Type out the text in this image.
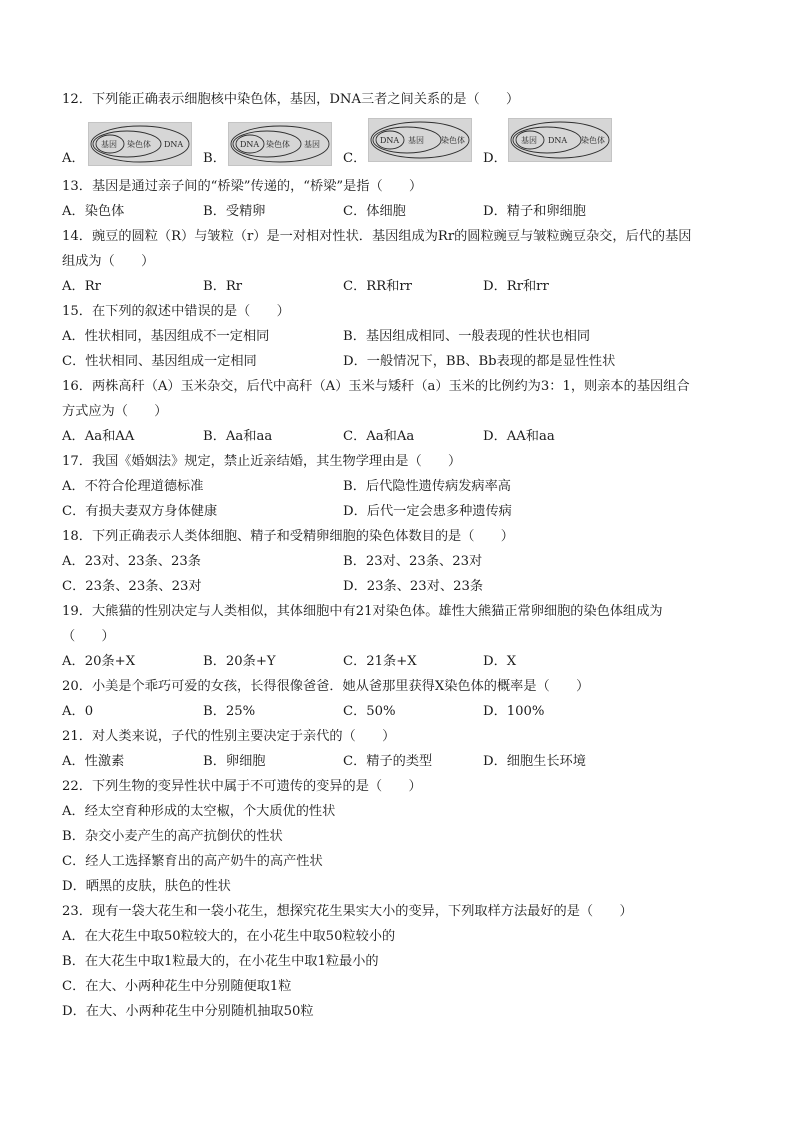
12．下列能正确表示细胞核中染色体，基因，DNA三者之间关系的是（　　）
A．	B．	C．	D．
基因 染色体 DNA	DNA 染色体 基因	DNA 基因 染色体	基因 DNA 染色体
13．基因是通过亲子间的“桥梁”传递的，“桥梁”是指（　　）
A．染色体	B．受精卵	C．体细胞	D．精子和卵细胞
14．豌豆的圆粒（R）与皱粒（r）是一对相对性状．基因组成为Rr的圆粒豌豆与皱粒豌豆杂交，后代的基因
组成为（　　）
A．Rr	B．Rr	C．RR和rr	D．Rr和rr
15．在下列的叙述中错误的是（　　）
A．性状相同，基因组成不一定相同	B．基因组成相同、一般表现的性状也相同
C．性状相同、基因组成一定相同	D．一般情况下，BB、Bb表现的都是显性性状
16．两株高秆（A）玉米杂交，后代中高秆（A）玉米与矮秆（a）玉米的比例约为3：1，则亲本的基因组合
方式应为（　　）
A．Aa和AA	B．Aa和aa	C．Aa和Aa	D．AA和aa
17．我国《婚姻法》规定，禁止近亲结婚，其生物学理由是（　　）
A．不符合伦理道德标准	B．后代隐性遗传病发病率高
C．有损夫妻双方身体健康	D．后代一定会患多种遗传病
18．下列正确表示人类体细胞、精子和受精卵细胞的染色体数目的是（　　）
A．23对、23条、23条	B．23对、23条、23对
C．23条、23条、23对	D．23条、23对、23条
19．大熊猫的性别决定与人类相似，其体细胞中有21对染色体。雄性大熊猫正常卵细胞的染色体组成为
（　　）
A．20条+X	B．20条+Y	C．21条+X	D．X
20．小美是个乖巧可爱的女孩，长得很像爸爸．她从爸那里获得X染色体的概率是（　　）
A．0	B．25%	C．50%	D．100%
21．对人类来说，子代的性别主要决定于亲代的（　　）
A．性激素	B．卵细胞	C．精子的类型	D．细胞生长环境
22．下列生物的变异性状中属于不可遗传的变异的是（　　）
A．经太空育种形成的太空椒，个大质优的性状
B．杂交小麦产生的高产抗倒伏的性状
C．经人工选择繁育出的高产奶牛的高产性状
D．晒黑的皮肤，肤色的性状
23．现有一袋大花生和一袋小花生，想探究花生果实大小的变异，下列取样方法最好的是（　　）
A．在大花生中取50粒较大的，在小花生中取50粒较小的
B．在大花生中取1粒最大的，在小花生中取1粒最小的
C．在大、小两种花生中分别随便取1粒
D．在大、小两种花生中分别随机抽取50粒
